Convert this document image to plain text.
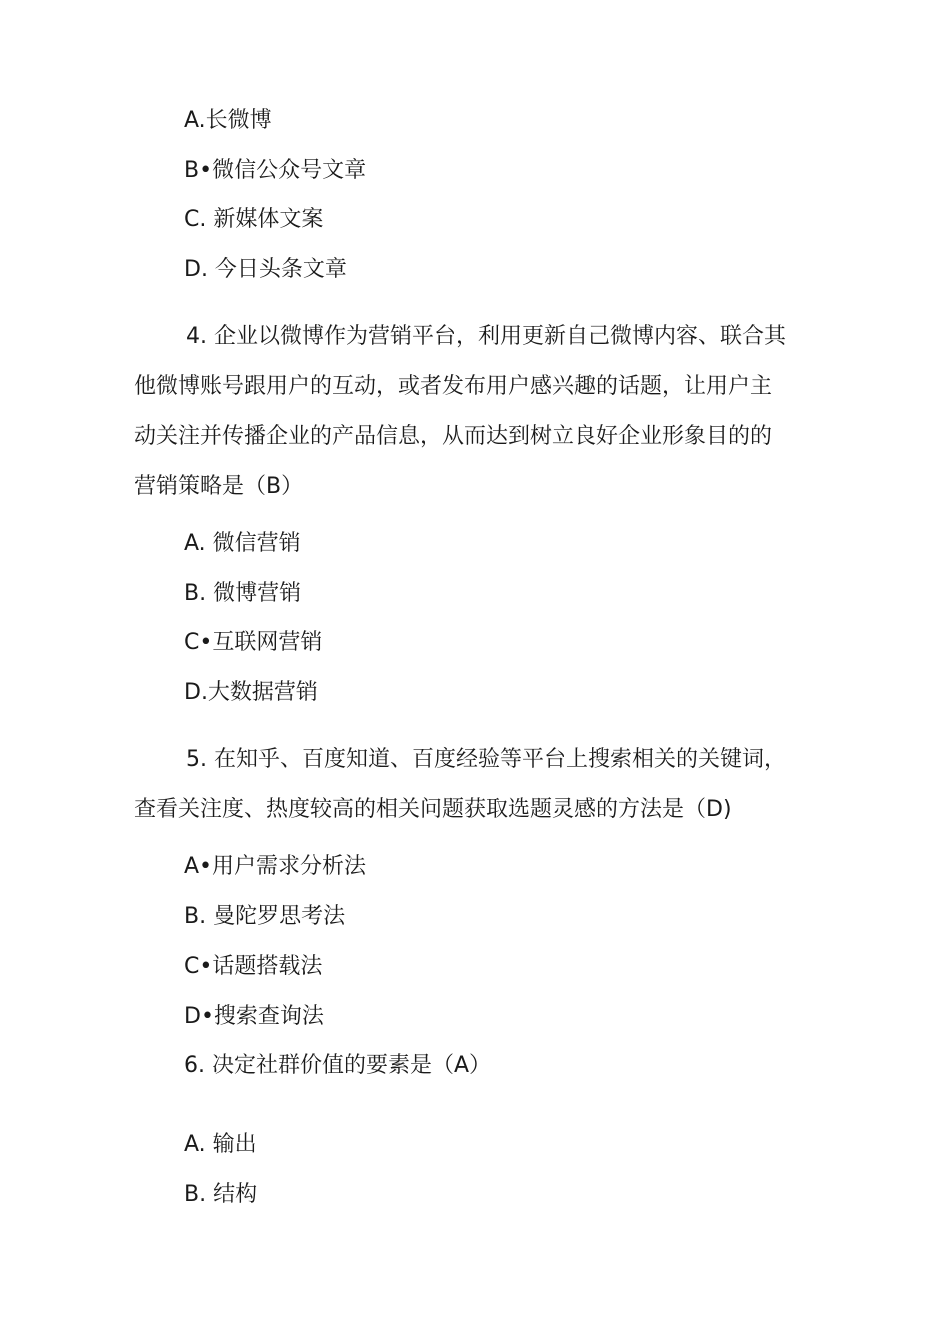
A.长微博
B•微信公众号文章
C. 新媒体文案
D. 今日头条文章
4. 企业以微博作为营销平台，利用更新自己微博内容、联合其
他微博账号跟用户的互动，或者发布用户感兴趣的话题，让用户主
动关注并传播企业的产品信息，从而达到树立良好企业形象目的的
营销策略是（B）
A. 微信营销
B. 微博营销
C•互联网营销
D.大数据营销
5. 在知乎、百度知道、百度经验等平台上搜索相关的关键词，
查看关注度、热度较高的相关问题获取选题灵感的方法是（D)
A•用户需求分析法
B. 曼陀罗思考法
C•话题搭载法
D•搜索查询法
6. 决定社群价值的要素是（A）
A. 输出
B. 结构
